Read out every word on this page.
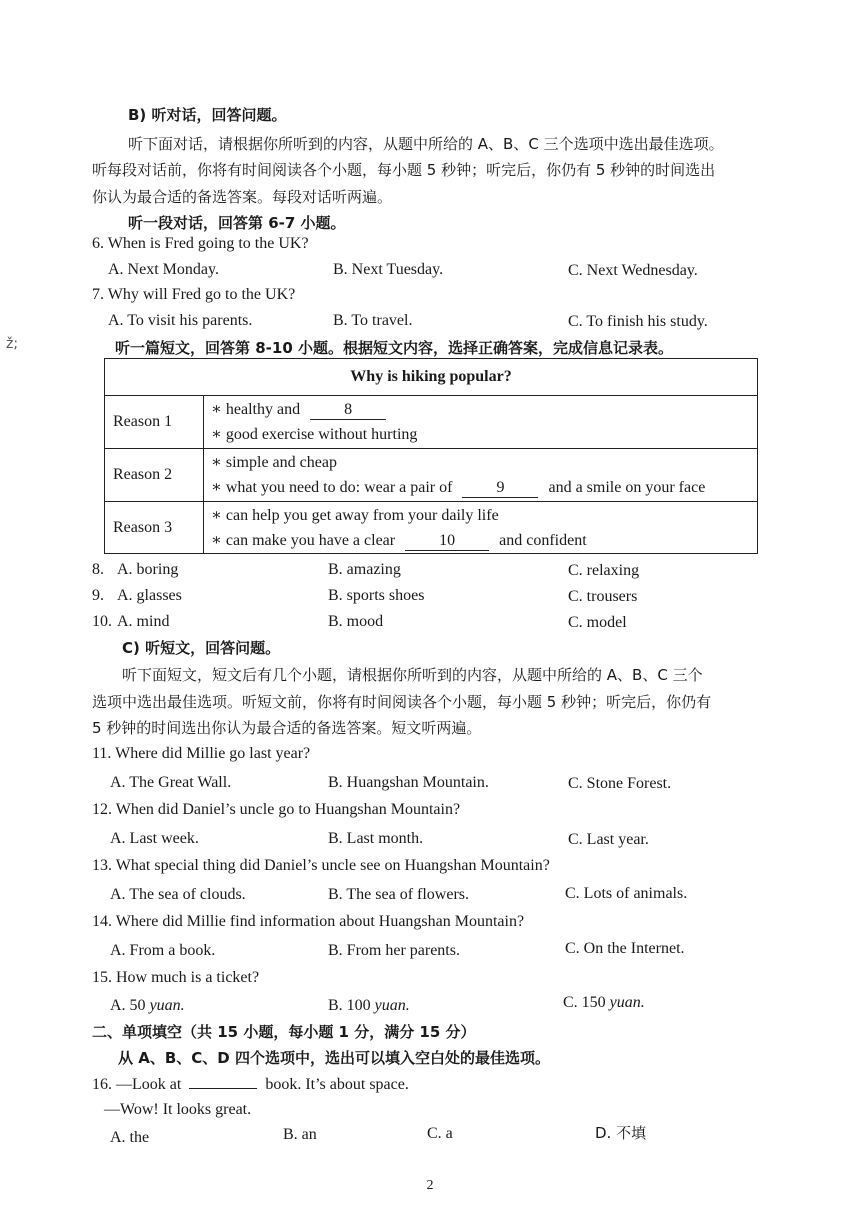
B) 听对话，回答问题。
听下面对话，请根据你所听到的内容，从题中所给的 A、B、C 三个选项中选出最佳选项。
听每段对话前，你将有时间阅读各个小题，每小题 5 秒钟；听完后，你仍有 5 秒钟的时间选出
你认为最合适的备选答案。每段对话听两遍。
听一段对话，回答第 6-7 小题。
6. When is Fred going to the UK?
A. Next Monday.	B. Next Tuesday.	C. Next Wednesday.
7. Why will Fred go to the UK?
A. To visit his parents.	B. To travel.	C. To finish his study.
ž;	听一篇短文，回答第 8-10 小题。根据短文内容，选择正确答案，完成信息记录表。
Why is hiking popular?
Reason 1
∗ healthy and	8
∗ good exercise without hurting
Reason 2
∗ simple and cheap
∗ what you need to do: wear a pair of	9	and a smile on your face
Reason 3
∗ can help you get away from your daily life
∗ can make you have a clear	10	and confident
8. A. boring	B. amazing	C. relaxing
9. A. glasses	B. sports shoes	C. trousers
10. A. mind	B. mood	C. model
C) 听短文，回答问题。
听下面短文，短文后有几个小题，请根据你所听到的内容，从题中所给的 A、B、C 三个
选项中选出最佳选项。听短文前，你将有时间阅读各个小题，每小题 5 秒钟；听完后，你仍有
5 秒钟的时间选出你认为最合适的备选答案。短文听两遍。
11. Where did Millie go last year?
A. The Great Wall.	B. Huangshan Mountain.	C. Stone Forest.
12. When did Daniel’s uncle go to Huangshan Mountain?
A. Last week.	B. Last month.	C. Last year.
13. What special thing did Daniel’s uncle see on Huangshan Mountain?
A. The sea of clouds.	B. The sea of flowers.	C. Lots of animals.
14. Where did Millie find information about Huangshan Mountain?
A. From a book.	B. From her parents.	C. On the Internet.
15. How much is a ticket?
A. 50 yuan.	B. 100 yuan.	C. 150 yuan.
二、单项填空（共 15 小题，每小题 1 分，满分 15 分）
从 A、B、C、D 四个选项中，选出可以填入空白处的最佳选项。
16. —Look at	book. It’s about space.
—Wow! It looks great.
A. the	B. an	C. a	D. 不填
2
